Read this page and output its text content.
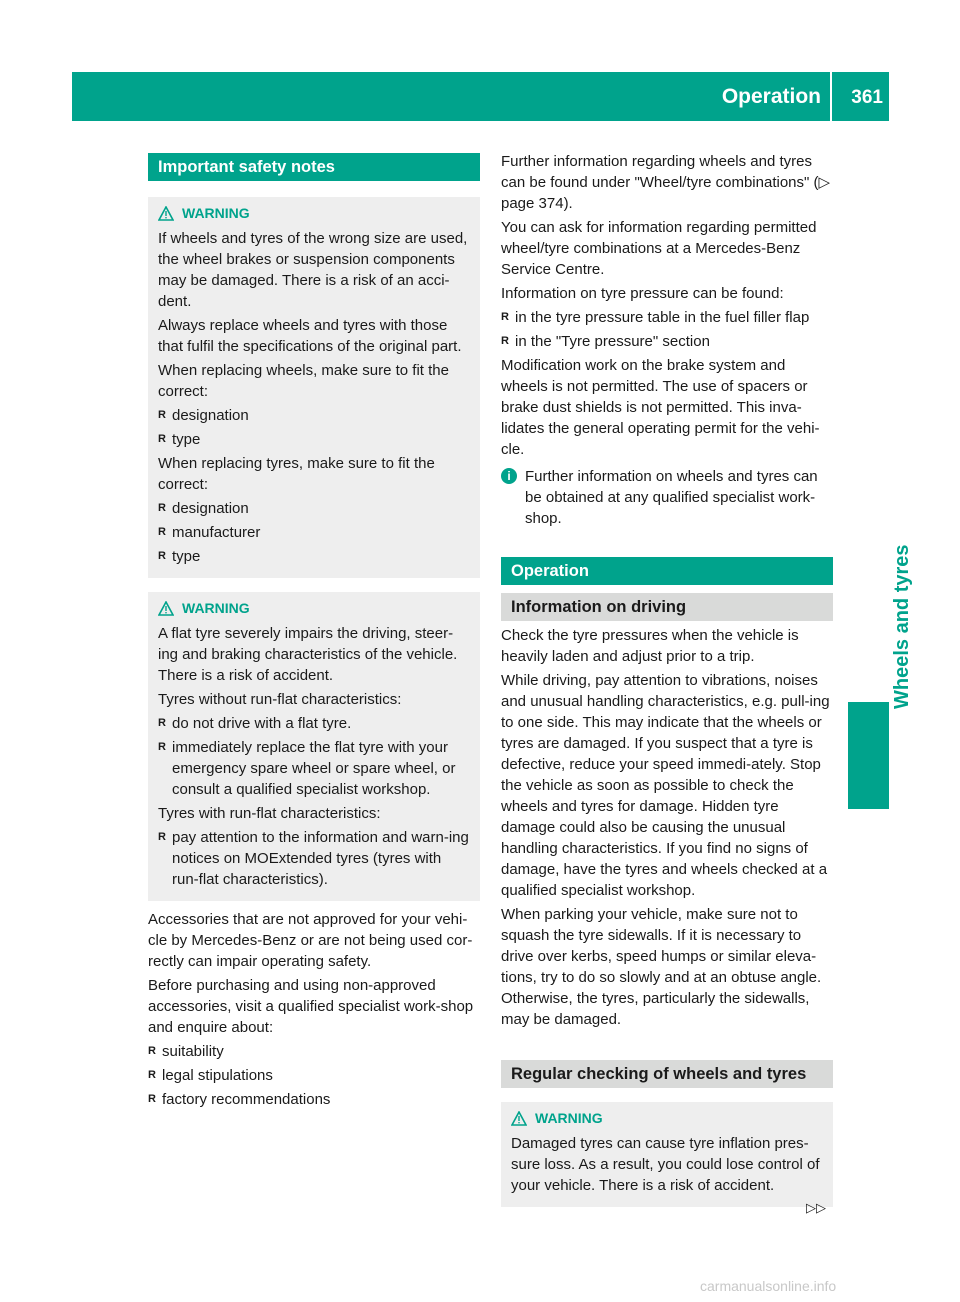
Operation 361
Wheels and tyres
Important safety notes
WARNING

If wheels and tyres of the wrong size are used, the wheel brakes or suspension components may be damaged. There is a risk of an acci-dent.

Always replace wheels and tyres with those that fulfil the specifications of the original part.

When replacing wheels, make sure to fit the correct:

R designation
R type

When replacing tyres, make sure to fit the correct:

R designation
R manufacturer
R type
WARNING

A flat tyre severely impairs the driving, steer-ing and braking characteristics of the vehicle. There is a risk of accident.

Tyres without run-flat characteristics:

R do not drive with a flat tyre.
R immediately replace the flat tyre with your emergency spare wheel or spare wheel, or consult a qualified specialist workshop.

Tyres with run-flat characteristics:

R pay attention to the information and warn-ing notices on MOExtended tyres (tyres with run-flat characteristics).

Accessories that are not approved for your vehi-cle by Mercedes-Benz or are not being used cor-rectly can impair operating safety.

Before purchasing and using non-approved accessories, visit a qualified specialist work-shop and enquire about:

R suitability
R legal stipulations
R factory recommendations

Further information regarding wheels and tyres can be found under "Wheel/tyre combinations" (▷ page 374).

You can ask for information regarding permitted wheel/tyre combinations at a Mercedes-Benz Service Centre.

Information on tyre pressure can be found:

R in the tyre pressure table in the fuel filler flap
R in the "Tyre pressure" section

Modification work on the brake system and wheels is not permitted. The use of spacers or brake dust shields is not permitted. This inva-lidates the general operating permit for the vehi-cle.

i Further information on wheels and tyres can be obtained at any qualified specialist work-shop.
Operation
Information on driving

Check the tyre pressures when the vehicle is heavily laden and adjust prior to a trip.

While driving, pay attention to vibrations, noises and unusual handling characteristics, e.g. pull-ing to one side. This may indicate that the wheels or tyres are damaged. If you suspect that a tyre is defective, reduce your speed immedi-ately. Stop the vehicle as soon as possible to check the wheels and tyres for damage. Hidden tyre damage could also be causing the unusual handling characteristics. If you find no signs of damage, have the tyres and wheels checked at a qualified specialist workshop.

When parking your vehicle, make sure not to squash the tyre sidewalls. If it is necessary to drive over kerbs, speed humps or similar eleva-tions, try to do so slowly and at an obtuse angle. Otherwise, the tyres, particularly the sidewalls, may be damaged.

Regular checking of wheels and tyres
WARNING

Damaged tyres can cause tyre inflation pres-sure loss. As a result, you could lose control of your vehicle. There is a risk of accident.

▷▷
carmanualsonline.info
